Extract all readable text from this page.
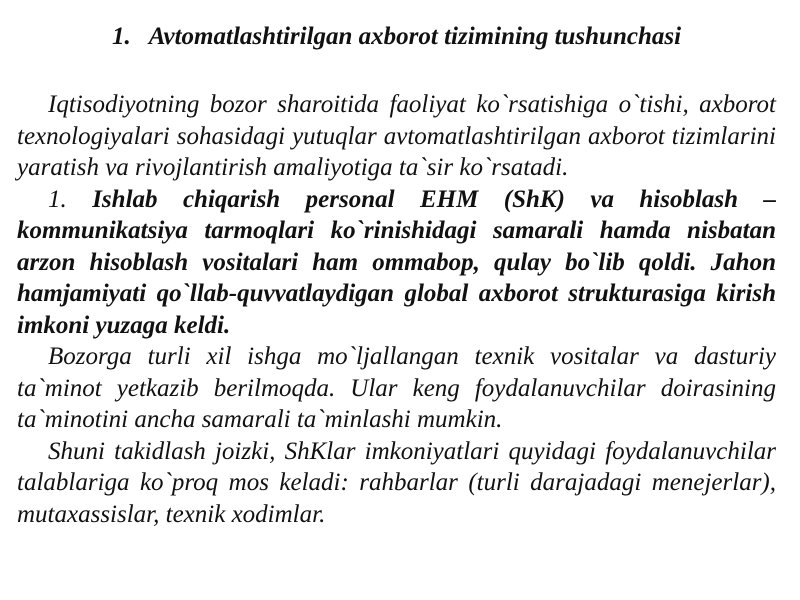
1. Avtomatlashtirilgan axborot tizimining tushunchasi

Iqtisodiyotning bozor sharoitida faoliyat ko`rsatishiga o`tishi, axborot texnologiyalari sohasidagi yutuqlar avtomatlashtirilgan axborot tizimlarini yaratish va rivojlantirish amaliyotiga ta`sir ko`rsatadi.

1. Ishlab chiqarish personal EHM (ShK) va hisoblash – kommunikatsiya tarmoqlari ko`rinishidagi samarali hamda nisbatan arzon hisoblash vositalari ham ommabop, qulay bo`lib qoldi. Jahon hamjamiyati qo`llab-quvvatlaydigan global axborot strukturasiga kirish imkoni yuzaga keldi.

Bozorga turli xil ishga mo`ljallangan texnik vositalar va dasturiy ta`minot yetkazib berilmoqda. Ular keng foydalanuvchilar doirasining ta`minotini ancha samarali ta`minlashi mumkin.

Shuni takidlash joizki, ShKlar imkoniyatlari quyidagi foydalanuvchilar talablariga ko`proq mos keladi: rahbarlar (turli darajadagi menejerlar), mutaxassislar, texnik xodimlar.
